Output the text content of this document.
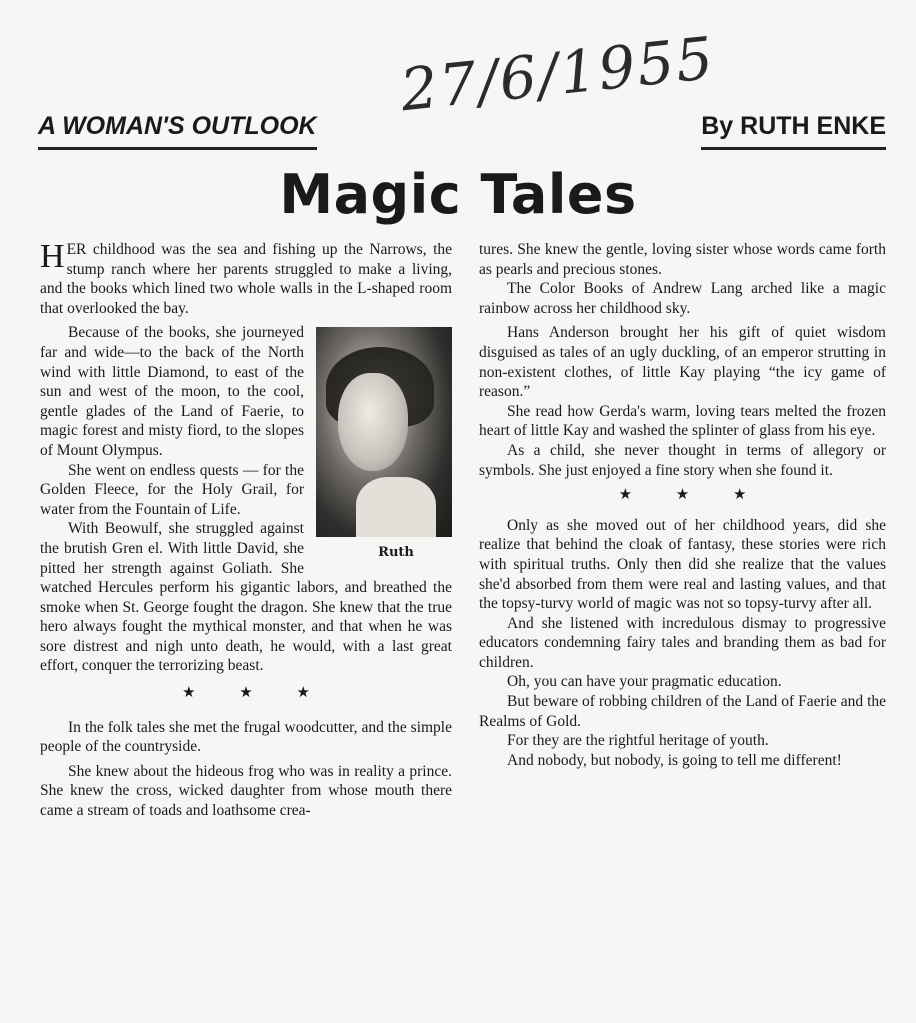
27/6/1955
A WOMAN'S OUTLOOK	By RUTH ENKE
Magic Tales

HER childhood was the sea and fishing up the Narrows, the stump ranch where her parents struggled to make a living, and the books which lined two whole walls in the L-shaped room that overlooked the bay.

Ruth
Because of the books, she journeyed far and wide—to the back of the North wind with little Diamond, to east of the sun and west of the moon, to the cool, gentle glades of the Land of Faerie, to magic forest and misty fiord, to the slopes of Mount Olympus.

She went on endless quests — for the Golden Fleece, for the Holy Grail, for water from the Fountain of Life.

With Beowulf, she struggled against the brutish Gren el. With little David, she pitted her strength against Goliath. She watched Hercules perform his gigantic labors, and breathed the smoke when St. George fought the dragon. She knew that the true hero always fought the mythical monster, and that when he was sore distrest and nigh unto death, he would, with a last great effort, conquer the terrorizing beast.

★ ★ ★

In the folk tales she met the frugal woodcutter, and the simple people of the countryside.

She knew about the hideous frog who was in reality a prince. She knew the cross, wicked daughter from whose mouth there came a stream of toads and loathsome crea-

tures. She knew the gentle, loving sister whose words came forth as pearls and precious stones.

The Color Books of Andrew Lang arched like a magic rainbow across her childhood sky.

Hans Anderson brought her his gift of quiet wisdom disguised as tales of an ugly duckling, of an emperor strutting in non-existent clothes, of little Kay playing “the icy game of reason.”

She read how Gerda's warm, loving tears melted the frozen heart of little Kay and washed the splinter of glass from his eye.

As a child, she never thought in terms of allegory or symbols. She just enjoyed a fine story when she found it.

★ ★ ★

Only as she moved out of her childhood years, did she realize that behind the cloak of fantasy, these stories were rich with spiritual truths. Only then did she realize that the values she'd absorbed from them were real and lasting values, and that the topsy-turvy world of magic was not so topsy-turvy after all.

And she listened with incredulous dismay to progressive educators condemning fairy tales and branding them as bad for children.

Oh, you can have your pragmatic education.

But beware of robbing children of the Land of Faerie and the Realms of Gold.

For they are the rightful heritage of youth.

And nobody, but nobody, is going to tell me different!
